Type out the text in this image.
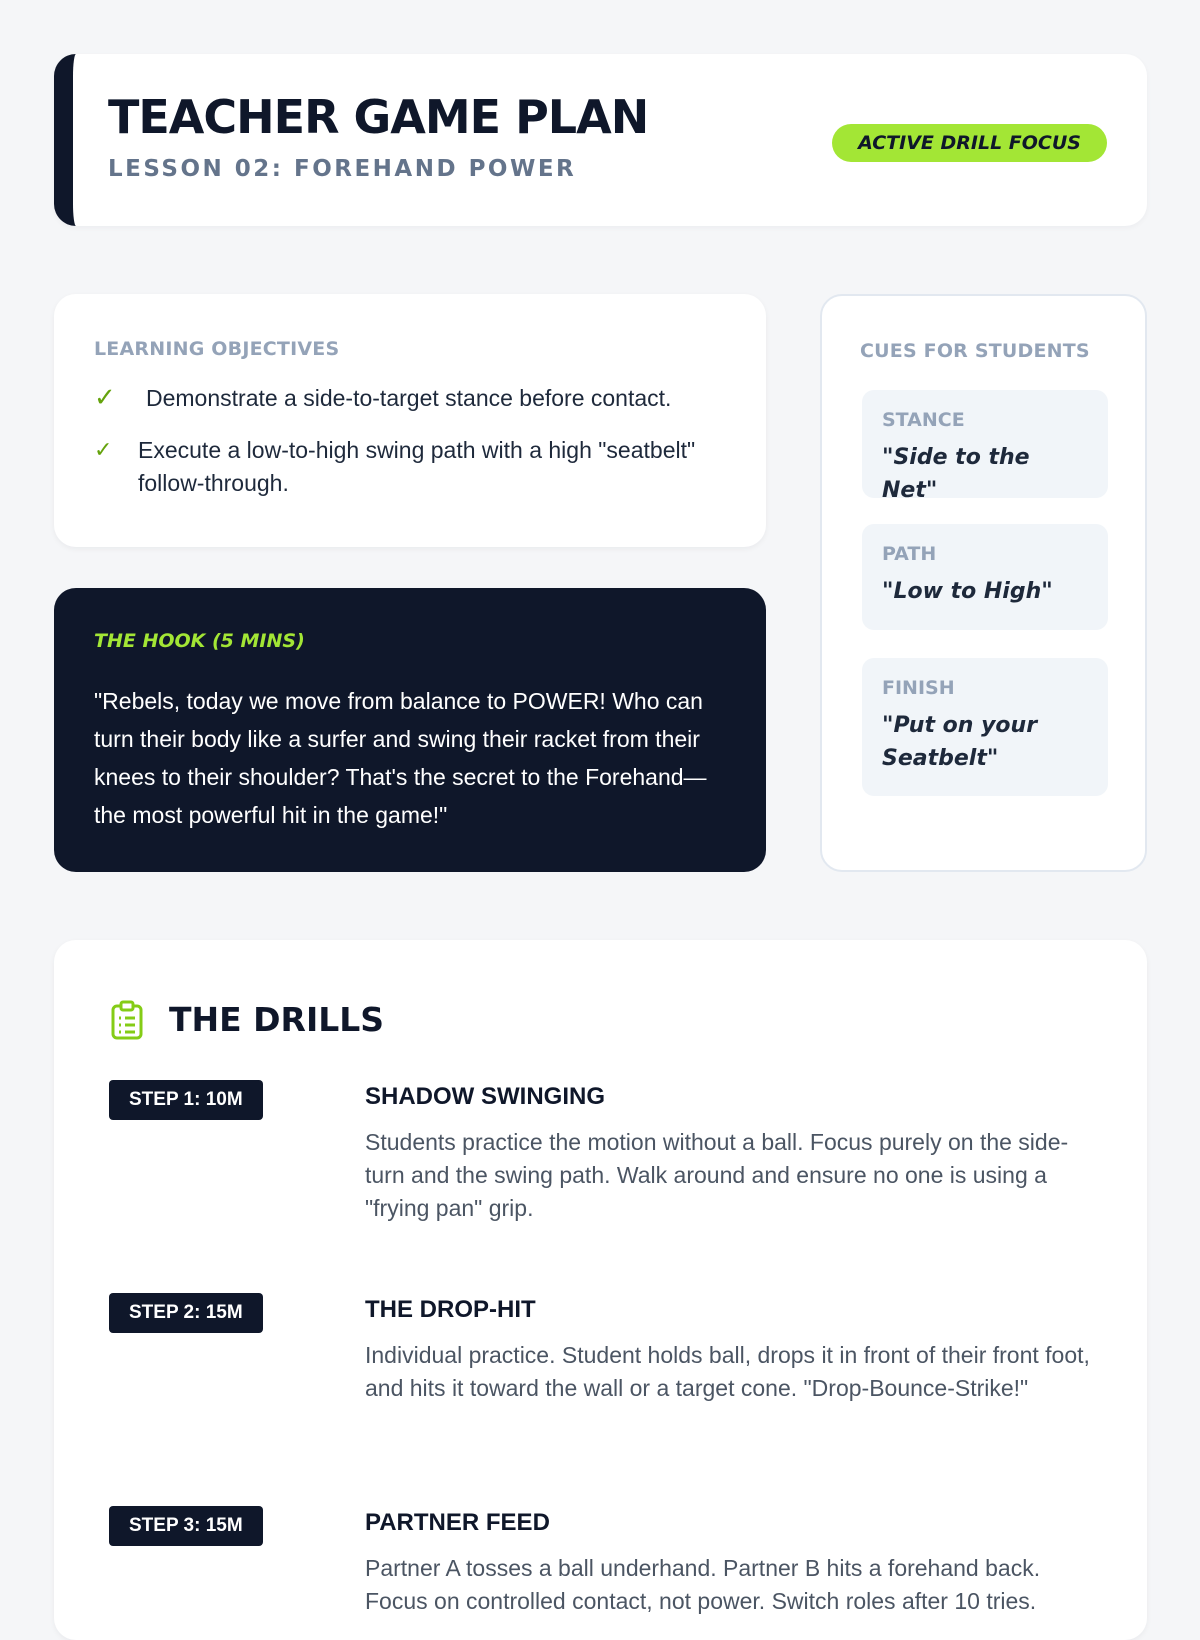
TEACHER GAME PLAN
LESSON 02: FOREHAND POWER
ACTIVE DRILL FOCUS
LEARNING OBJECTIVES
✓	Demonstrate a side-to-target stance before contact.
✓	Execute a low-to-high swing path with a high "seatbelt" follow-through.
THE HOOK (5 MINS)

"Rebels, today we move from balance to POWER! Who can turn their body like a surfer and swing their racket from their knees to their shoulder? That's the secret to the Forehand—the most powerful hit in the game!"

CUES FOR STUDENTS
STANCE
"Side to the Net"
PATH
"Low to High"
FINISH
"Put on your Seatbelt"
THE DRILLS
STEP 1: 10M	SHADOW SWINGING

Students practice the motion without a ball. Focus purely on the side-turn and the swing path. Walk around and ensure no one is using a "frying pan" grip.

STEP 2: 15M	THE DROP-HIT

Individual practice. Student holds ball, drops it in front of their front foot, and hits it toward the wall or a target cone. "Drop-Bounce-Strike!"

STEP 3: 15M	PARTNER FEED

Partner A tosses a ball underhand. Partner B hits a forehand back. Focus on controlled contact, not power. Switch roles after 10 tries.
